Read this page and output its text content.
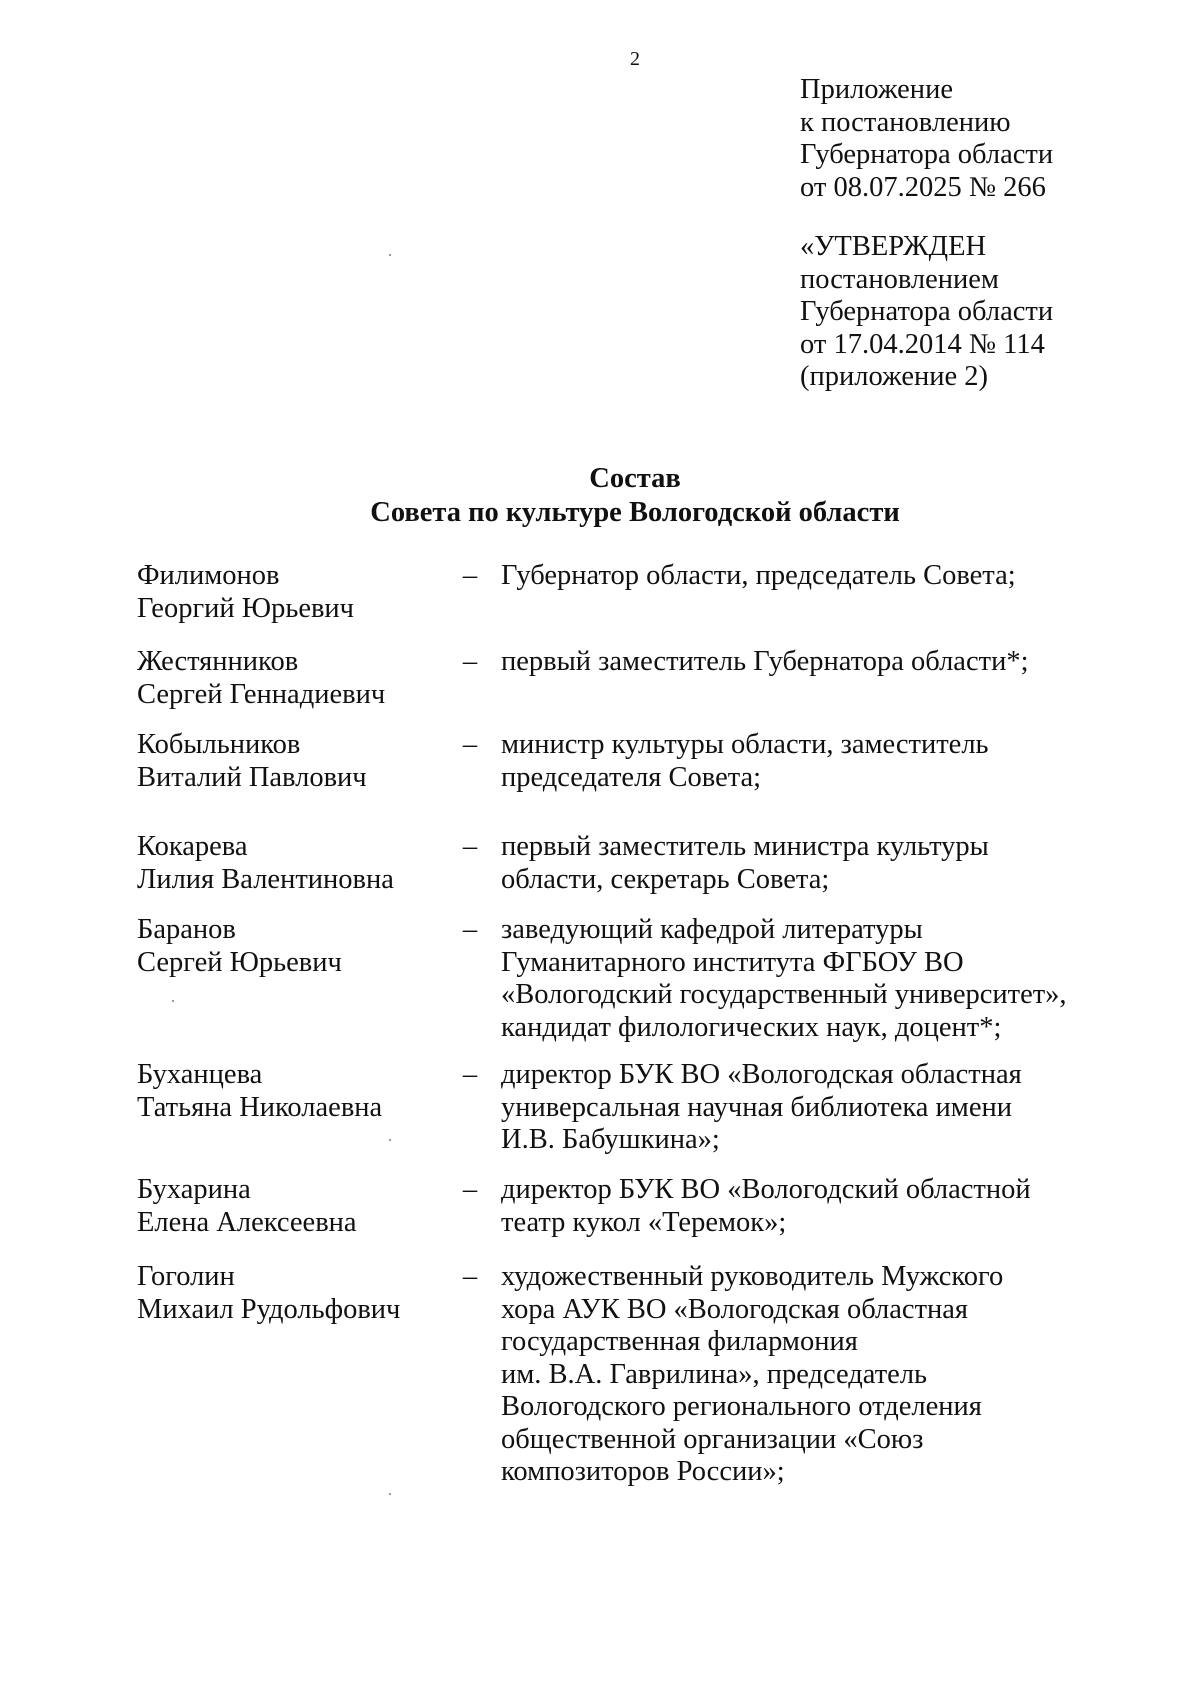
2
Приложение
к постановлению
Губернатора области
от 08.07.2025 № 266
«УТВЕРЖДЕН
постановлением
Губернатора области
от 17.04.2014 № 114
(приложение 2)
Состав
Совета по культуре Вологодской области
Филимонов
Георгий Юрьевич
– Губернатор области, председатель Совета;
Жестянников
Сергей Геннадиевич
– первый заместитель Губернатора области*;
Кобыльников
Виталий Павлович
– министр культуры области, заместитель
председателя Совета;
Кокарева
Лилия Валентиновна
– первый заместитель министра культуры
области, секретарь Совета;
Баранов
Сергей Юрьевич
– заведующий кафедрой литературы
Гуманитарного института ФГБОУ ВО
«Вологодский государственный университет»,
кандидат филологических наук, доцент*;
Буханцева
Татьяна Николаевна
– директор БУК ВО «Вологодская областная
универсальная научная библиотека имени
И.В. Бабушкина»;
Бухарина
Елена Алексеевна
– директор БУК ВО «Вологодский областной
театр кукол «Теремок»;
Гоголин
Михаил Рудольфович
– художественный руководитель Мужского
хора АУК ВО «Вологодская областная
государственная филармония
им. В.А. Гаврилина», председатель
Вологодского регионального отделения
общественной организации «Союз
композиторов России»;
